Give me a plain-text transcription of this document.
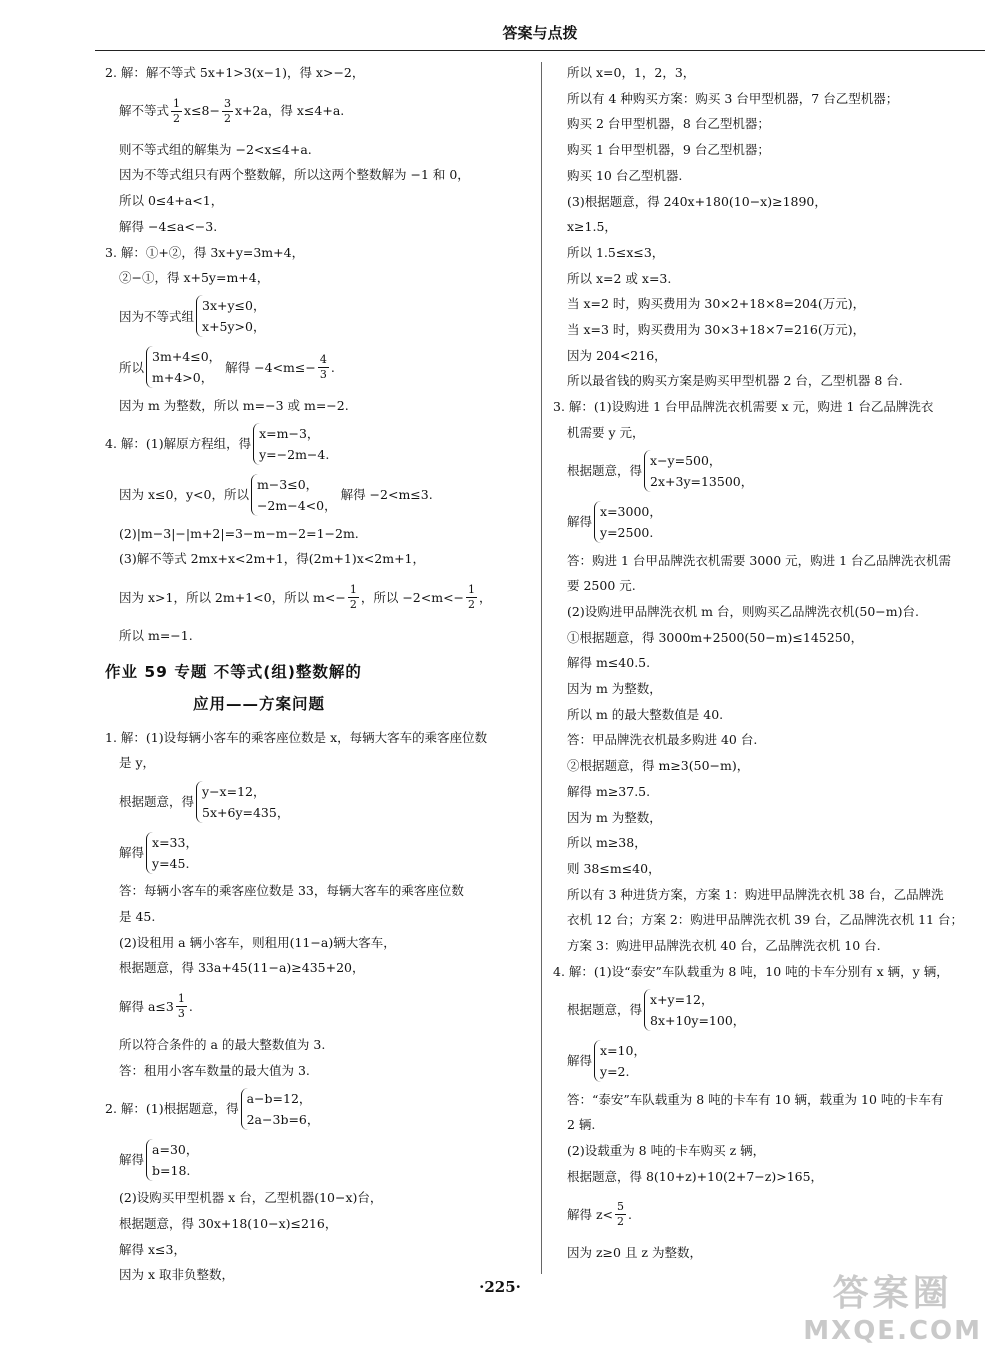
答案与点拨
2. 解：解不等式 5x+1>3(x−1)，得 x>−2，
解不等式 $\frac{1}{2} x\le 8- \frac{3}{2} x+2a$，得 x≤4+a.
则不等式组的解集为 −2<x≤4+a.
因为不等式组只有两个整数解，所以这两个整数解为 −1 和 0，
所以 0≤4+a<1，
解得 −4≤a<−3.
3. 解：①+②，得 3x+y=3m+4，
②−①，得 x+5y=m+4，
因为不等式组
3x+y≤0，
x+5y>0，
所以
3m+4≤0，
m+4>0，

解得 $-4<m\le- \frac{4}{3}$ .
因为 m 为整数，所以 m=−3 或 m=−2.
4. 解：(1)解原方程组，得
x=m−3，
y=−2m−4.
因为 x≤0，y<0，所以
m−3≤0，
−2m−4<0，

解得 −2<m≤3.
(2)|m−3|−|m+2|=3−m−m−2=1−2m.
(3)解不等式 2mx+x<2m+1，得(2m+1)x<2m+1，
因为 x>1，所以 2m+1<0，所以 $m<- \frac{1}{2}$ ，所以 $-2<m<- \frac{1}{2}$ ，
所以 m=−1.
作业 59 专题 不等式(组)整数解的
应用——方案问题
1. 解：(1)设每辆小客车的乘客座位数是 x，每辆大客车的乘客座位数
是 y，
根据题意，得
y−x=12，
5x+6y=435，
解得
x=33，
y=45.
答：每辆小客车的乘客座位数是 33，每辆大客车的乘客座位数
是 45.
(2)设租用 a 辆小客车，则租用(11−a)辆大客车，
根据题意，得 33a+45(11−a)≥435+20，
解得 $a\le 3 \frac{1}{3}$ .
所以符合条件的 a 的最大整数值为 3.
答：租用小客车数量的最大值为 3.
2. 解：(1)根据题意，得
a−b=12，
2a−3b=6，
解得
a=30，
b=18.
(2)设购买甲型机器 x 台，乙型机器(10−x)台，
根据题意，得 30x+18(10−x)≤216，
解得 x≤3，
因为 x 取非负整数，
所以 x=0，1，2，3，
所以有 4 种购买方案：购买 3 台甲型机器，7 台乙型机器；
购买 2 台甲型机器，8 台乙型机器；
购买 1 台甲型机器，9 台乙型机器；
购买 10 台乙型机器.
(3)根据题意，得 240x+180(10−x)≥1890，
x≥1.5，
所以 1.5≤x≤3，
所以 x=2 或 x=3.
当 x=2 时，购买费用为 30×2+18×8=204(万元)，
当 x=3 时，购买费用为 30×3+18×7=216(万元)，
因为 204<216，
所以最省钱的购买方案是购买甲型机器 2 台，乙型机器 8 台.
3. 解：(1)设购进 1 台甲品牌洗衣机需要 x 元，购进 1 台乙品牌洗衣
机需要 y 元，
根据题意，得
x−y=500，
2x+3y=13500，
解得
x=3000，
y=2500.
答：购进 1 台甲品牌洗衣机需要 3000 元，购进 1 台乙品牌洗衣机需
要 2500 元.
(2)设购进甲品牌洗衣机 m 台，则购买乙品牌洗衣机(50−m)台.
①根据题意，得 3000m+2500(50−m)≤145250，
解得 m≤40.5.
因为 m 为整数，
所以 m 的最大整数值是 40.
答：甲品牌洗衣机最多购进 40 台.
②根据题意，得 m≥3(50−m)，
解得 m≥37.5.
因为 m 为整数，
所以 m≥38，
则 38≤m≤40，
所以有 3 种进货方案，方案 1：购进甲品牌洗衣机 38 台，乙品牌洗
衣机 12 台；方案 2：购进甲品牌洗衣机 39 台，乙品牌洗衣机 11 台；
方案 3：购进甲品牌洗衣机 40 台，乙品牌洗衣机 10 台.
4. 解：(1)设“泰安”车队载重为 8 吨，10 吨的卡车分别有 x 辆，y 辆，
根据题意，得
x+y=12，
8x+10y=100，
解得
x=10，
y=2.
答：“泰安”车队载重为 8 吨的卡车有 10 辆，载重为 10 吨的卡车有
2 辆.
(2)设载重为 8 吨的卡车购买 z 辆，
根据题意，得 8(10+z)+10(2+7−z)>165，
解得 $z< \frac{5}{2}$ .
因为 z≥0 且 z 为整数，
·225·	答案圈
MXQE.COM
